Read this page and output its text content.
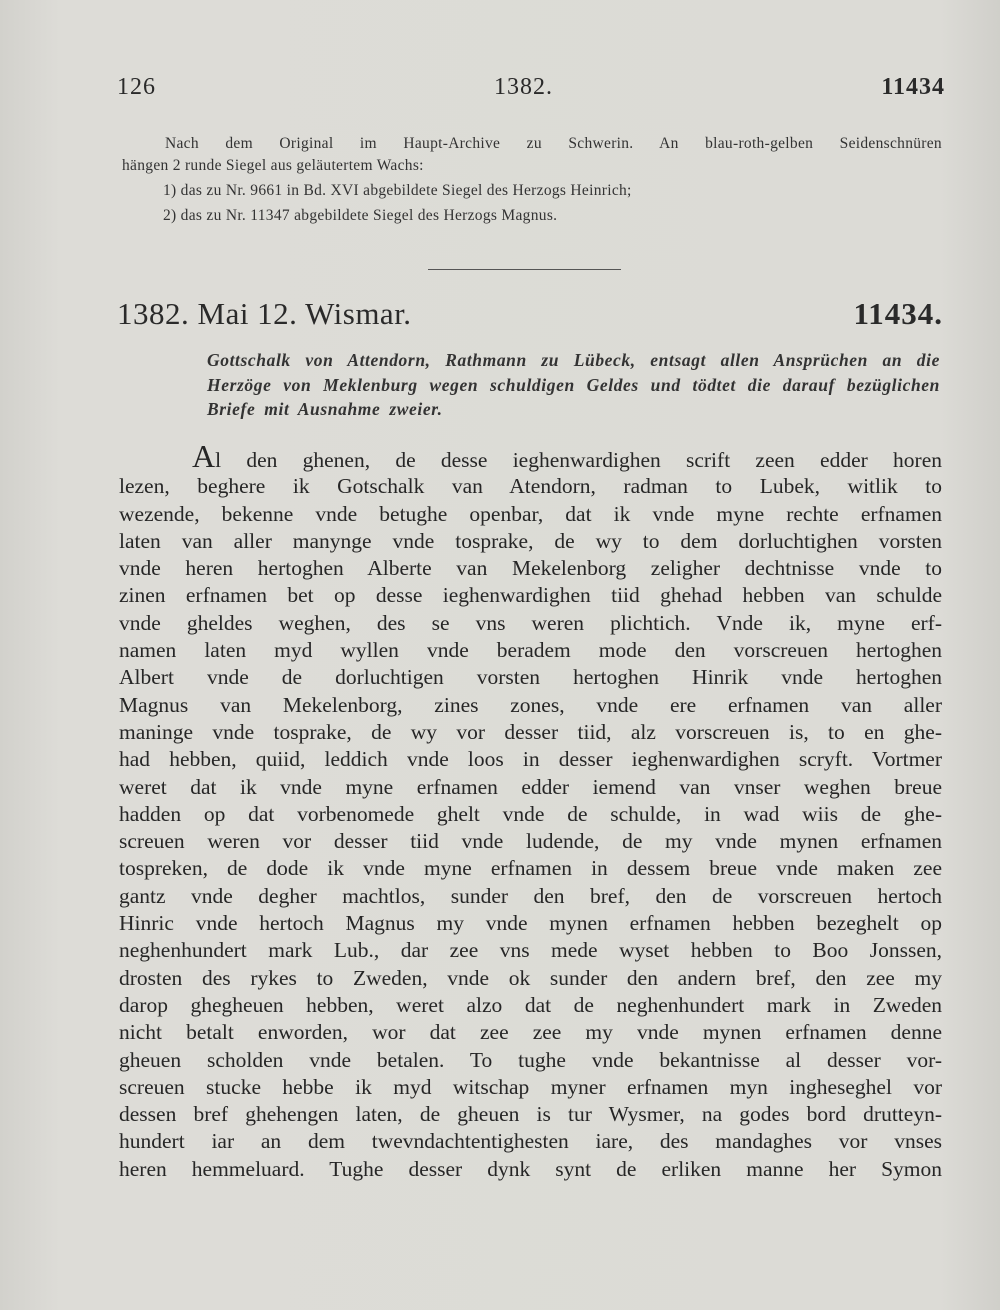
126	1382.	11434

Nach dem Original im Haupt-Archive zu Schwerin. An blau-roth-gelben Seidenschnüren

hängen 2 runde Siegel aus geläutertem Wachs:

1) das zu Nr. 9661 in Bd. XVI abgebildete Siegel des Herzogs Heinrich;

2) das zu Nr. 11347 abgebildete Siegel des Herzogs Magnus.

1382. Mai 12. Wismar.	11434.
Gottschalk von Attendorn, Rathmann zu Lübeck, entsagt allen Ansprüchen an die Herzöge von Meklenburg wegen schuldigen Geldes und tödtet die darauf bezüglichen Briefe mit Ausnahme zweier.
Al den ghenen, de desse ieghenwardighen scrift zeen edder horen
lezen, beghere ik Gotschalk van Atendorn, radman to Lubek, witlik to
wezende, bekenne vnde betughe openbar, dat ik vnde myne rechte erfnamen
laten van aller manynge vnde tosprake, de wy to dem dorluchtighen vorsten
vnde heren hertoghen Alberte van Mekelenborg zeligher dechtnisse vnde to
zinen erfnamen bet op desse ieghenwardighen tiid ghehad hebben van schulde
vnde gheldes weghen, des se vns weren plichtich. Vnde ik, myne erf-
namen laten myd wyllen vnde beradem mode den vorscreuen hertoghen
Albert vnde de dorluchtigen vorsten hertoghen Hinrik vnde hertoghen
Magnus van Mekelenborg, zines zones, vnde ere erfnamen van aller
maninge vnde tosprake, de wy vor desser tiid, alz vorscreuen is, to en ghe-
had hebben, quiid, leddich vnde loos in desser ieghenwardighen scryft. Vortmer
weret dat ik vnde myne erfnamen edder iemend van vnser weghen breue
hadden op dat vorbenomede ghelt vnde de schulde, in wad wiis de ghe-
screuen weren vor desser tiid vnde ludende, de my vnde mynen erfnamen
tospreken, de dode ik vnde myne erfnamen in dessem breue vnde maken zee
gantz vnde degher machtlos, sunder den bref, den de vorscreuen hertoch
Hinric vnde hertoch Magnus my vnde mynen erfnamen hebben bezeghelt op
neghenhundert mark Lub., dar zee vns mede wyset hebben to Boo Jonssen,
drosten des rykes to Zweden, vnde ok sunder den andern bref, den zee my
darop ghegheuen hebben, weret alzo dat de neghenhundert mark in Zweden
nicht betalt enworden, wor dat zee zee my vnde mynen erfnamen denne
gheuen scholden vnde betalen. To tughe vnde bekantnisse al desser vor-
screuen stucke hebbe ik myd witschap myner erfnamen myn ingheseghel vor
dessen bref ghehengen laten, de gheuen is tur Wysmer, na godes bord drutteyn-
hundert iar an dem twevndachtentighesten iare, des mandaghes vor vnses
heren hemmeluard. Tughe desser dynk synt de erliken manne her Symon
